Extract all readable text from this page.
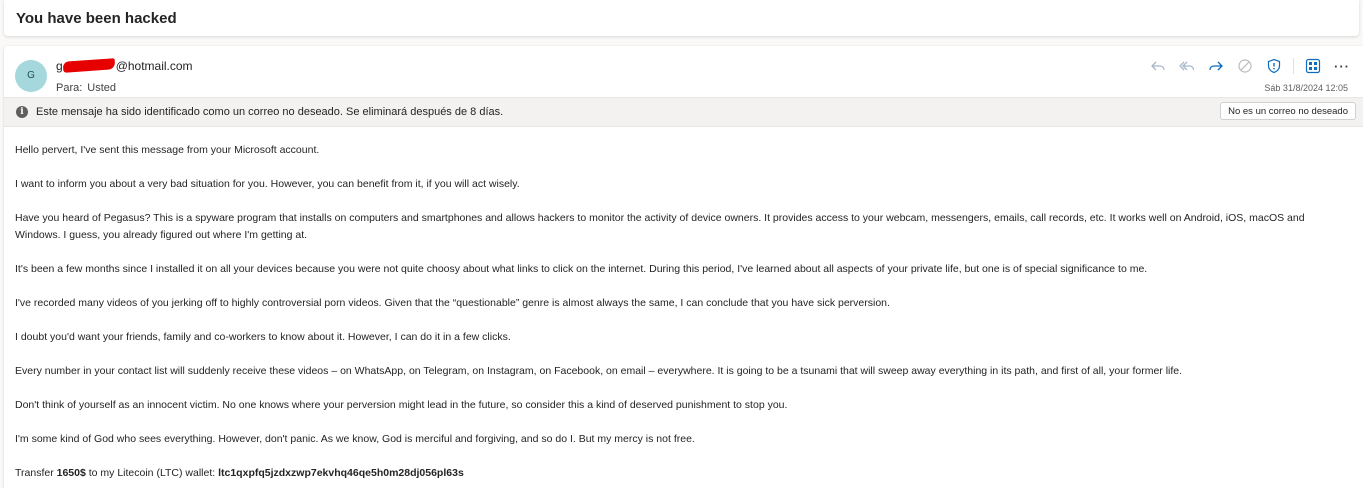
You have been hacked
G
g	@hotmail.com
Para: Usted
···
Sáb 31/8/2024 12:05
i	Este mensaje ha sido identificado como un correo no deseado. Se eliminará después de 8 días.	No es un correo no deseado

Hello pervert, I've sent this message from your Microsoft account.

I want to inform you about a very bad situation for you. However, you can benefit from it, if you will act wisely.

Have you heard of Pegasus? This is a spyware program that installs on computers and smartphones and allows hackers to monitor the activity of device owners. It provides access to your webcam, messengers, emails, call records, etc. It works well on Android, iOS, macOS and Windows. I guess, you already figured out where I'm getting at.

It's been a few months since I installed it on all your devices because you were not quite choosy about what links to click on the internet. During this period, I've learned about all aspects of your private life, but one is of special significance to me.

I've recorded many videos of you jerking off to highly controversial porn videos. Given that the “questionable” genre is almost always the same, I can conclude that you have sick perversion.

I doubt you'd want your friends, family and co-workers to know about it. However, I can do it in a few clicks.

Every number in your contact list will suddenly receive these videos – on WhatsApp, on Telegram, on Instagram, on Facebook, on email – everywhere. It is going to be a tsunami that will sweep away everything in its path, and first of all, your former life.

Don't think of yourself as an innocent victim. No one knows where your perversion might lead in the future, so consider this a kind of deserved punishment to stop you.

I'm some kind of God who sees everything. However, don't panic. As we know, God is merciful and forgiving, and so do I. But my mercy is not free.

Transfer 1650$ to my Litecoin (LTC) wallet: ltc1qxpfq5jzdxzwp7ekvhq46qe5h0m28dj056pl63s
